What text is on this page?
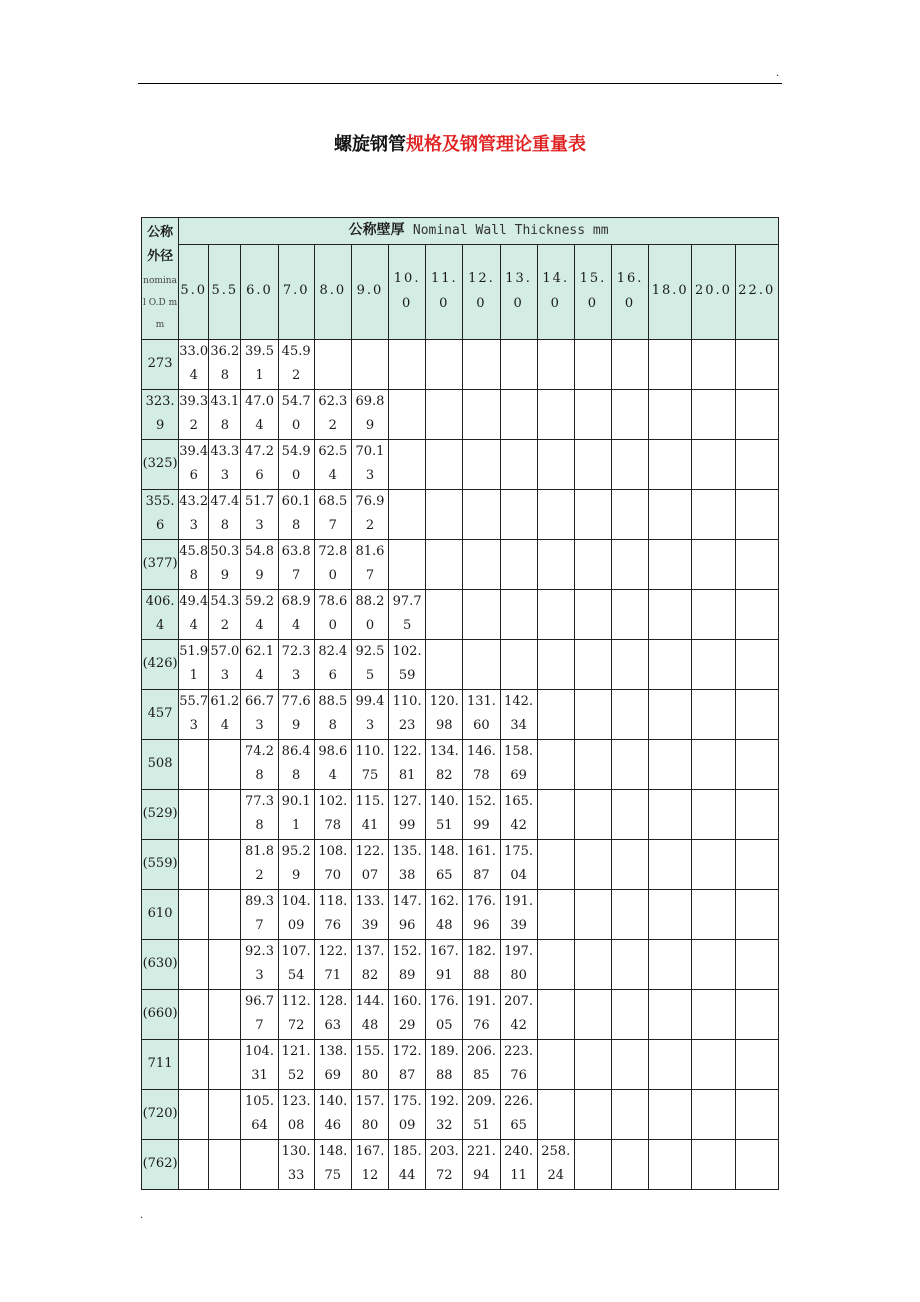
.
螺旋钢管规格及钢管理论重量表
公称
外径
nominal O.D mm	公称壁厚 Nominal Wall Thickness mm															
	5.0	5.5	6.0	7.0	8.0	9.0	10.0	11.0	12.0	13.0	14.0	15.0	16.0	18.0	20.0	22.0
273	33.04	36.28	39.51	45.92												
323.9	39.32	43.18	47.04	54.70	62.32	69.89										
(325)	39.46	43.33	47.26	54.90	62.54	70.13										
355.6	43.23	47.48	51.73	60.18	68.57	76.92										
(377)	45.88	50.39	54.89	63.87	72.80	81.67										
406.4	49.44	54.32	59.24	68.94	78.60	88.20	97.75									
(426)	51.91	57.03	62.14	72.33	82.46	92.55	102.59									
457	55.73	61.24	66.73	77.69	88.58	99.43	110.23	120.98	131.60	142.34						
508			74.28	86.48	98.64	110.75	122.81	134.82	146.78	158.69						
(529)			77.38	90.11	102.78	115.41	127.99	140.51	152.99	165.42						
(559)			81.82	95.29	108.70	122.07	135.38	148.65	161.87	175.04						
610			89.37	104.09	118.76	133.39	147.96	162.48	176.96	191.39						
(630)			92.33	107.54	122.71	137.82	152.89	167.91	182.88	197.80						
(660)			96.77	112.72	128.63	144.48	160.29	176.05	191.76	207.42						
711			104.31	121.52	138.69	155.80	172.87	189.88	206.85	223.76						
(720)			105.64	123.08	140.46	157.80	175.09	192.32	209.51	226.65						
(762)				130.33	148.75	167.12	185.44	203.72	221.94	240.11	258.24					
.
